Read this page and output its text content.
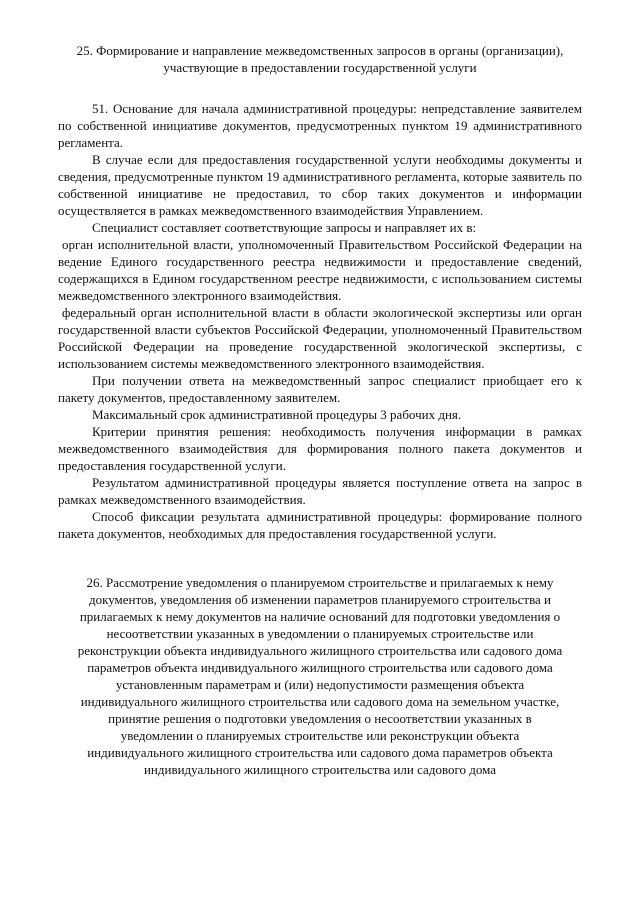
25. Формирование и направление межведомственных запросов в органы (организации), участвующие в предоставлении государственной услуги

51. Основание для начала административной процедуры: непредставление заявителем по собственной инициативе документов, предусмотренных пунктом 19 административного регламента.

В случае если для предоставления государственной услуги необходимы документы и сведения, предусмотренные пунктом 19 административного регламента, которые заявитель по собственной инициативе не предоставил, то сбор таких документов и информации осуществляется в рамках межведомственного взаимодействия Управлением.

Специалист составляет соответствующие запросы и направляет их в:

орган исполнительной власти, уполномоченный Правительством Российской Федерации на ведение Единого государственного реестра недвижимости и предоставление сведений, содержащихся в Едином государственном реестре недвижимости, с использованием системы межведомственного электронного взаимодействия.

федеральный орган исполнительной власти в области экологической экспертизы или орган государственной власти субъектов Российской Федерации, уполномоченный Правительством Российской Федерации на проведение государственной экологической экспертизы, с использованием системы межведомственного электронного взаимодействия.

При получении ответа на межведомственный запрос специалист приобщает его к пакету документов, предоставленному заявителем.

Максимальный срок административной процедуры 3 рабочих дня.

Критерии принятия решения: необходимость получения информации в рамках межведомственного взаимодействия для формирования полного пакета документов и предоставления государственной услуги.

Результатом административной процедуры является поступление ответа на запрос в рамках межведомственного взаимодействия.

Способ фиксации результата административной процедуры: формирование полного пакета документов, необходимых для предоставления государственной услуги.

26. Рассмотрение уведомления о планируемом строительстве и прилагаемых к нему документов, уведомления об изменении параметров планируемого строительства и прилагаемых к нему документов на наличие оснований для подготовки уведомления о несоответствии указанных в уведомлении о планируемых строительстве или реконструкции объекта индивидуального жилищного строительства или садового дома параметров объекта индивидуального жилищного строительства или садового дома установленным параметрам и (или) недопустимости размещения объекта индивидуального жилищного строительства или садового дома на земельном участке, принятие решения о подготовки уведомления о несоответствии указанных в уведомлении о планируемых строительстве или реконструкции объекта индивидуального жилищного строительства или садового дома параметров объекта индивидуального жилищного строительства или садового дома
